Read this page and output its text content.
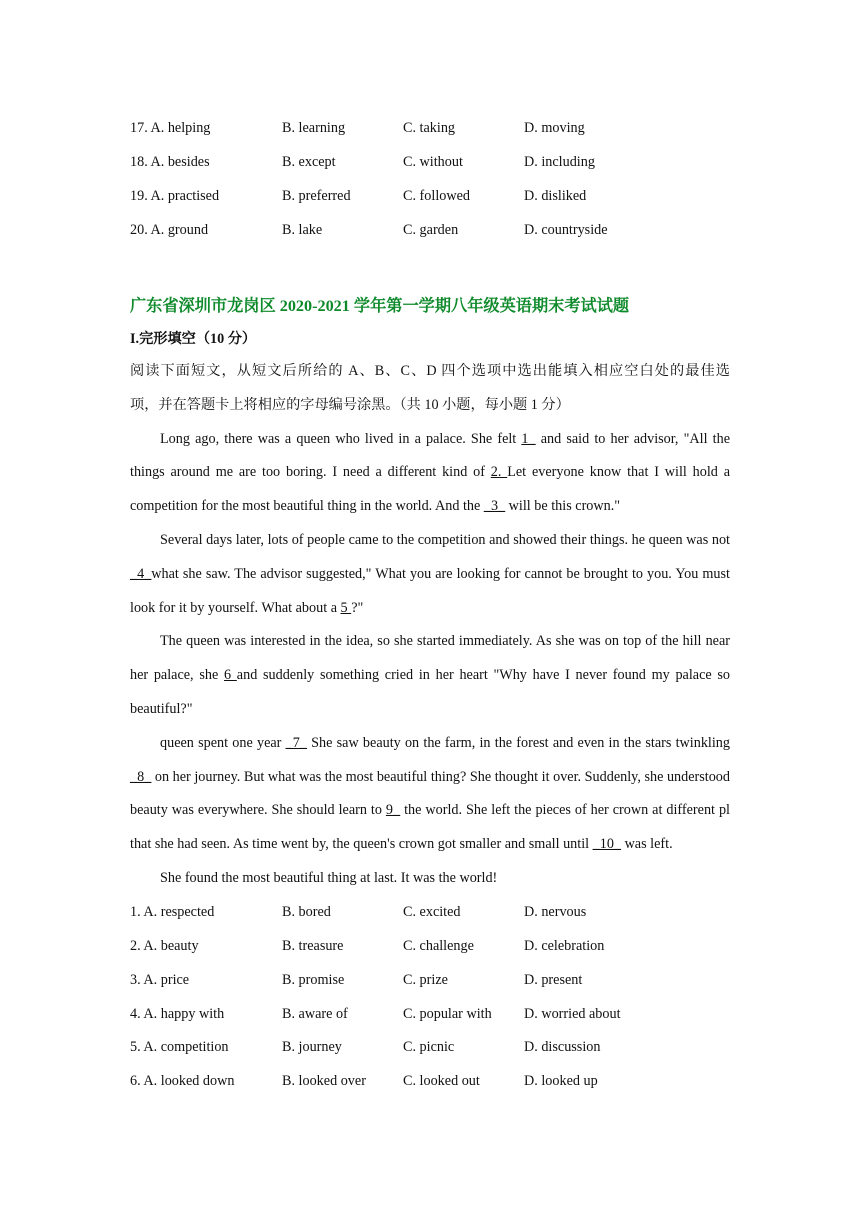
17. A. helping	B. learning	C. taking	D. moving
18. A. besides	B. except	C. without	D. including
19. A. practised	B. preferred	C. followed	D. disliked
20. A. ground	B. lake	C. garden	D. countryside
广东省深圳市龙岗区 2020-2021 学年第一学期八年级英语期末考试试题
I.完形填空（10 分）
阅读下面短文，从短文后所给的 A、B、C、D 四个选项中选出能填入相应空白处的最佳选
项，并在答题卡上将相应的字母编号涂黑。（共 10 小题，每小题 1 分）
Long ago, there was a queen who lived in a palace. She felt 1_ and said to her advisor, "All the things around me are too boring. I need a different kind of 2. Let everyone know that I will hold a competition for the most beautiful thing in the world. And the _3_ will be this crown."
Several days later, lots of people came to the competition and showed their things. he queen was not _4_what she saw. The advisor suggested," What you are looking for cannot be brought to you. You must look for it by yourself. What about a 5 ?"
The queen was interested in the idea, so she started immediately. As she was on top of the hill near her palace, she 6 and suddenly something cried in her heart "Why have I never found my palace so beautiful?"
queen spent one year _7_ She saw beauty on the farm, in the forest and even in the stars twinkling _8_ on her journey. But what was the most beautiful thing? She thought it over. Suddenly, she understood beauty was everywhere. She should learn to 9_ the world. She left the pieces of her crown at different pl that she had seen. As time went by, the queen's crown got smaller and small until _10_ was left.
She found the most beautiful thing at last. It was the world!
1. A. respected	B. bored	C. excited	D. nervous
2. A. beauty	B. treasure	C. challenge	D. celebration
3. A. price	B. promise	C. prize	D. present
4. A. happy with	B. aware of	C. popular with	D. worried about
5. A. competition	B. journey	C. picnic	D. discussion
6. A. looked down	B. looked over	C. looked out	D. looked up
